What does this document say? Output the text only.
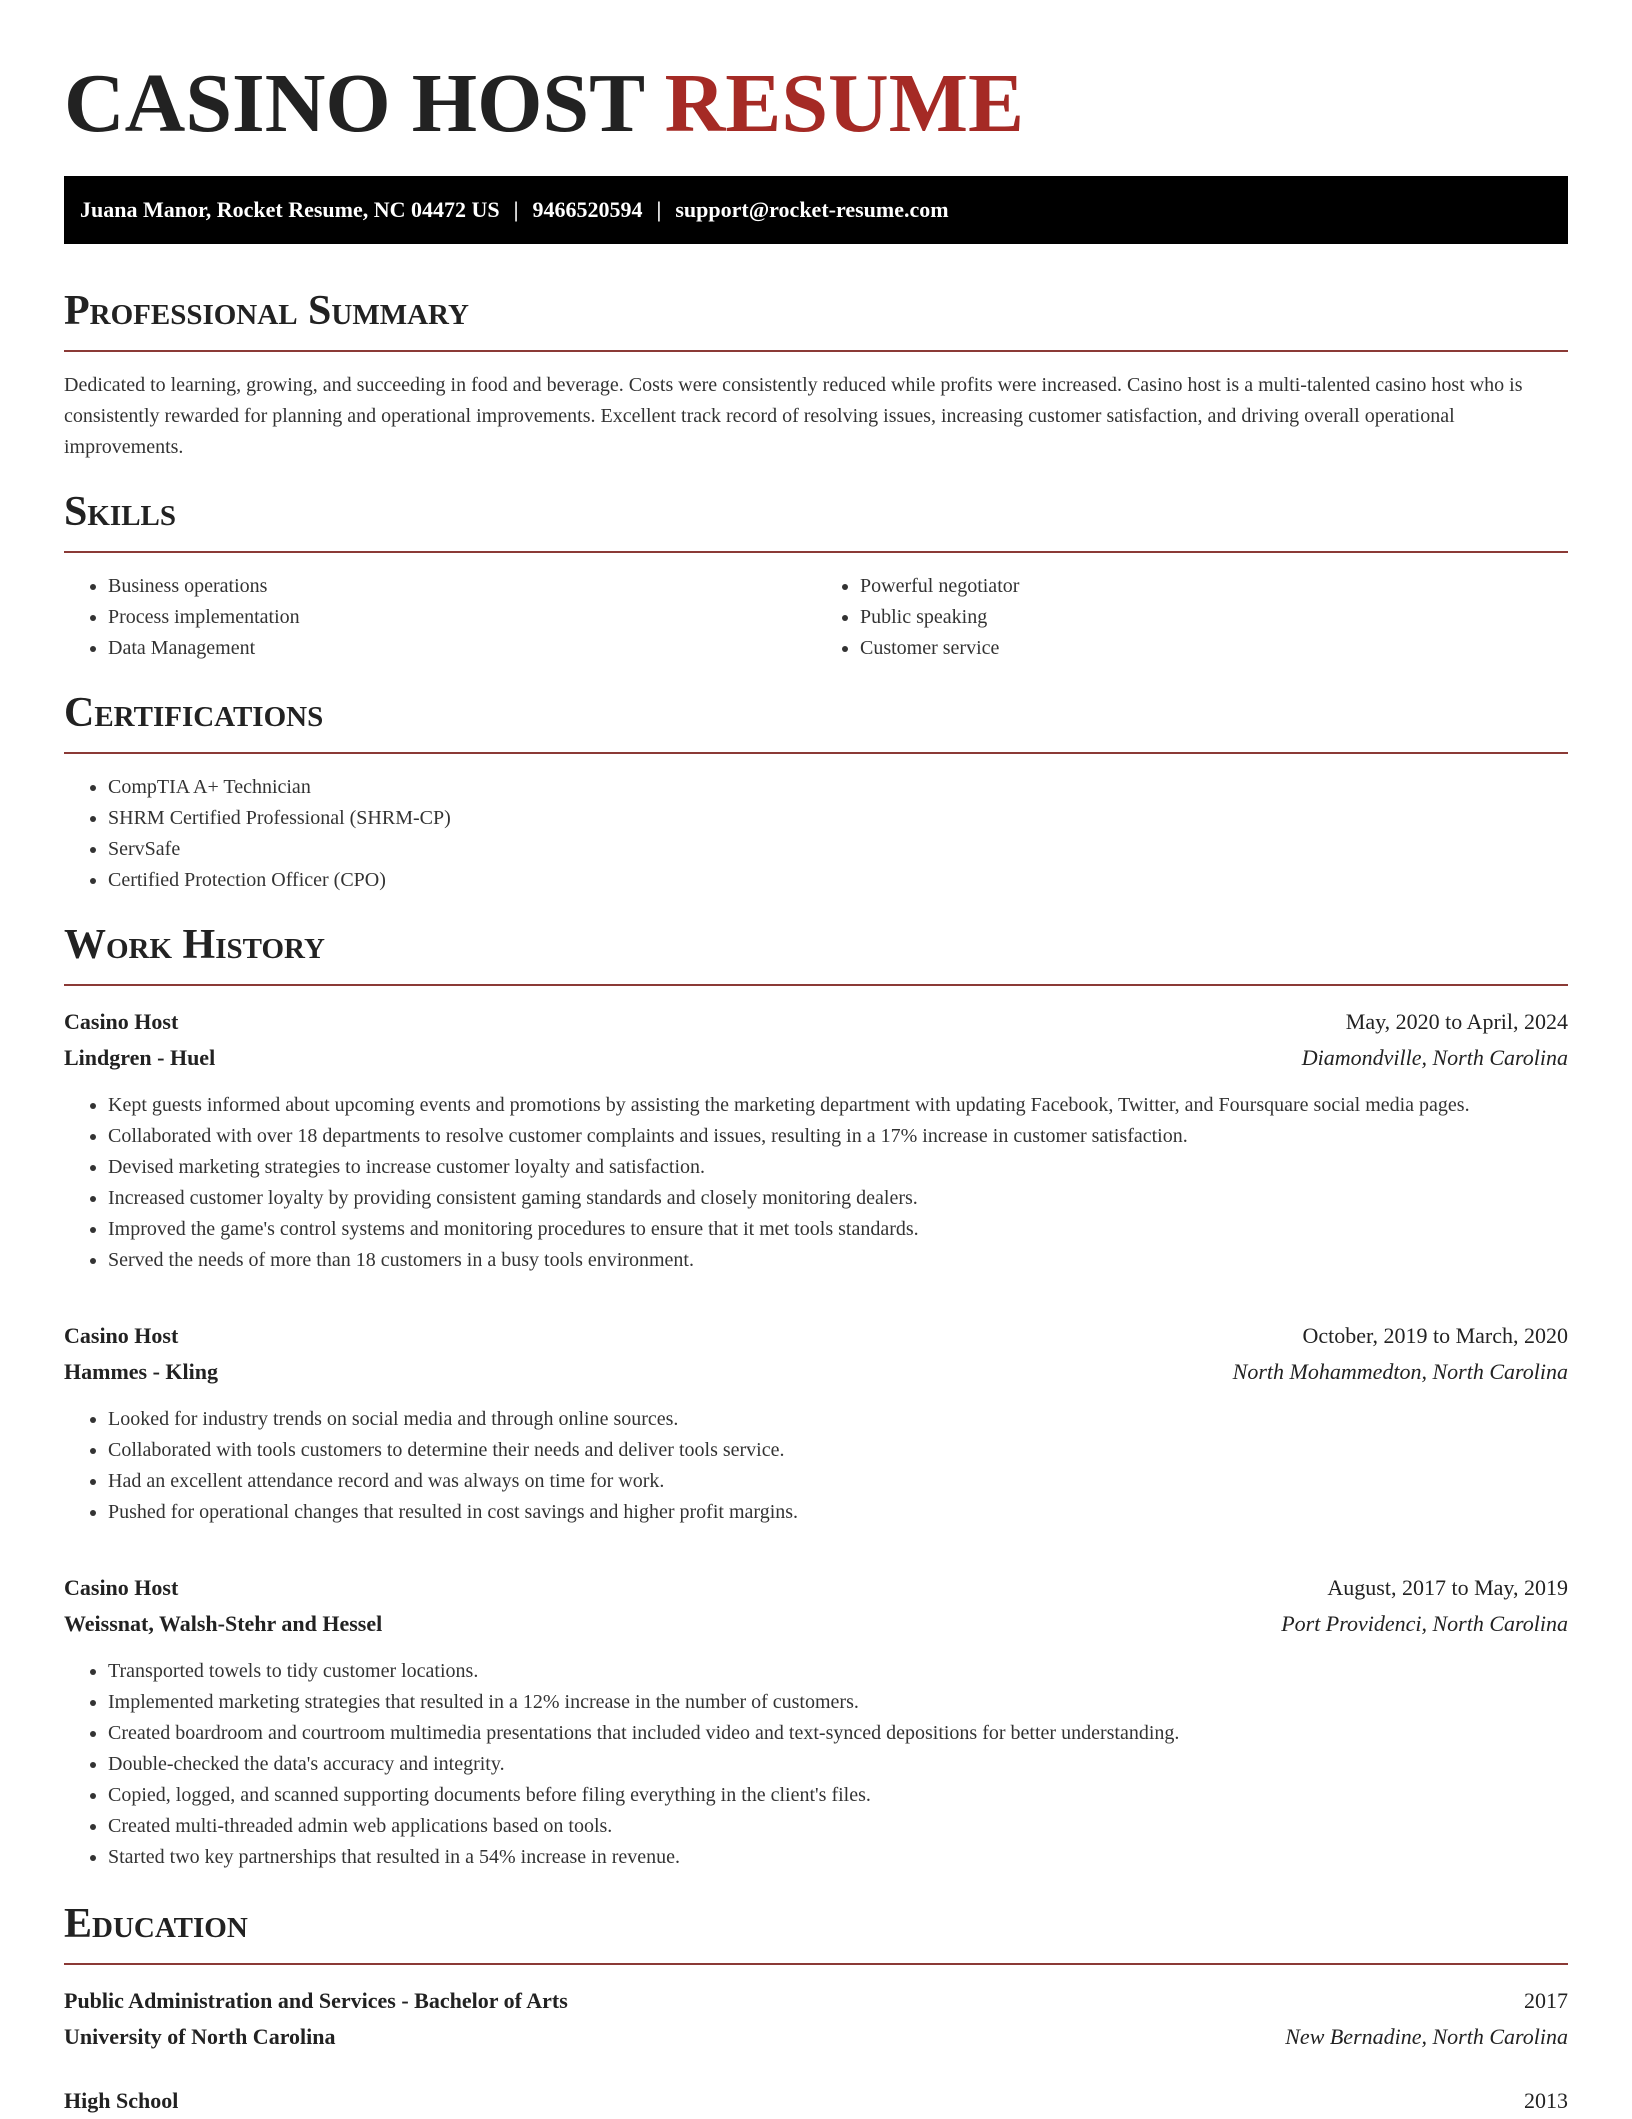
CASINO HOST RESUME
Juana Manor, Rocket Resume, NC 04472 US | 9466520594 | support@rocket-resume.com
Professional Summary

Dedicated to learning, growing, and succeeding in food and beverage. Costs were consistently reduced while profits were increased. Casino host is a multi-talented casino host who is consistently rewarded for planning and operational improvements. Excellent track record of resolving issues, increasing customer satisfaction, and driving overall operational improvements.

Skills
• Business operations
• Process implementation
• Data Management
• Powerful negotiator
• Public speaking
• Customer service
Certifications
• CompTIA A+ Technician
• SHRM Certified Professional (SHRM-CP)
• ServSafe
• Certified Protection Officer (CPO)
Work History
Casino Host	May, 2020 to April, 2024
Lindgren - Huel	Diamondville, North Carolina
• Kept guests informed about upcoming events and promotions by assisting the marketing department with updating Facebook, Twitter, and Foursquare social media pages.
• Collaborated with over 18 departments to resolve customer complaints and issues, resulting in a 17% increase in customer satisfaction.
• Devised marketing strategies to increase customer loyalty and satisfaction.
• Increased customer loyalty by providing consistent gaming standards and closely monitoring dealers.
• Improved the game's control systems and monitoring procedures to ensure that it met tools standards.
• Served the needs of more than 18 customers in a busy tools environment.
Casino Host	October, 2019 to March, 2020
Hammes - Kling	North Mohammedton, North Carolina
• Looked for industry trends on social media and through online sources.
• Collaborated with tools customers to determine their needs and deliver tools service.
• Had an excellent attendance record and was always on time for work.
• Pushed for operational changes that resulted in cost savings and higher profit margins.
Casino Host	August, 2017 to May, 2019
Weissnat, Walsh-Stehr and Hessel	Port Providenci, North Carolina
• Transported towels to tidy customer locations.
• Implemented marketing strategies that resulted in a 12% increase in the number of customers.
• Created boardroom and courtroom multimedia presentations that included video and text-synced depositions for better understanding.
• Double-checked the data's accuracy and integrity.
• Copied, logged, and scanned supporting documents before filing everything in the client's files.
• Created multi-threaded admin web applications based on tools.
• Started two key partnerships that resulted in a 54% increase in revenue.
Education
Public Administration and Services - Bachelor of Arts	2017
University of North Carolina	New Bernadine, North Carolina
High School	2013
